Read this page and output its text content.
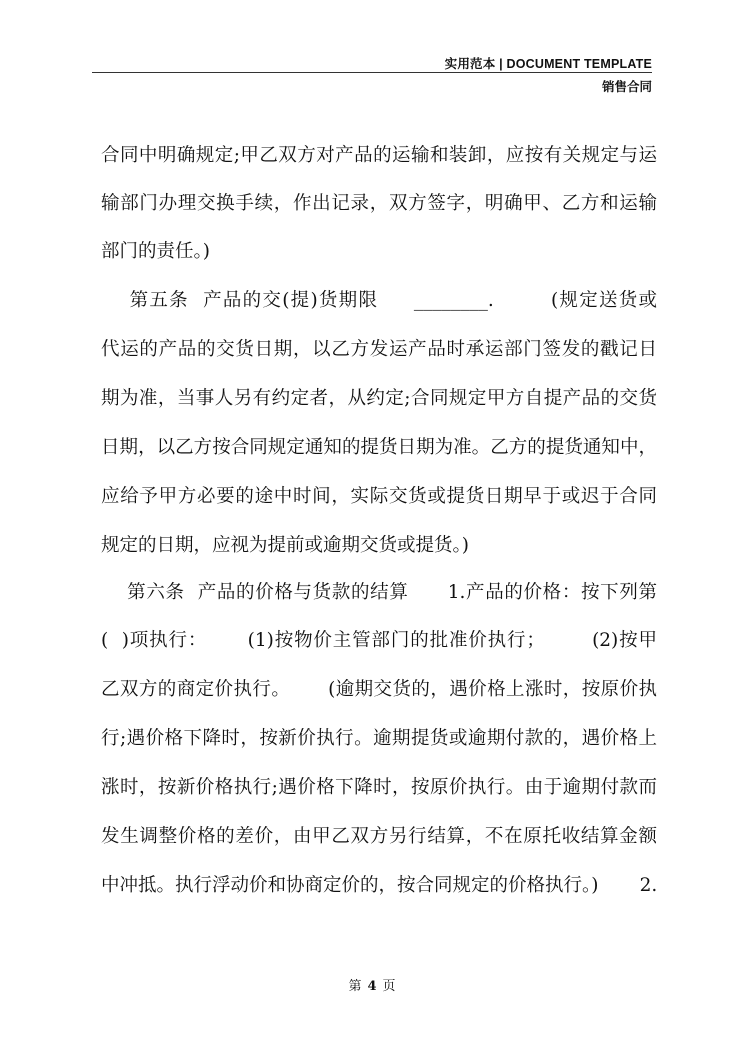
实用范本 | DOCUMENT TEMPLATE
销售合同
合同中明确规定;甲乙双方对产品的运输和装卸，应按有关规定与运
输部门办理交换手续，作出记录，双方签字，明确甲、乙方和运输
部门的责任。)
第五条  产品的交(提)货期限     ________.        (规定送货或
代运的产品的交货日期，以乙方发运产品时承运部门签发的戳记日
期为准，当事人另有约定者，从约定;合同规定甲方自提产品的交货
日期，以乙方按合同规定通知的提货日期为准。乙方的提货通知中，
应给予甲方必要的途中时间，实际交货或提货日期早于或迟于合同
规定的日期，应视为提前或逾期交货或提货。)
第六条  产品的价格与货款的结算      1.产品的价格：按下列第
(  )项执行：      (1)按物价主管部门的批准价执行；       (2)按甲
乙双方的商定价执行。      (逾期交货的，遇价格上涨时，按原价执
行;遇价格下降时，按新价执行。逾期提货或逾期付款的，遇价格上
涨时，按新价格执行;遇价格下降时，按原价执行。由于逾期付款而
发生调整价格的差价，由甲乙双方另行结算，不在原托收结算金额
中冲抵。执行浮动价和协商定价的，按合同规定的价格执行。)       2.
第 4 页
